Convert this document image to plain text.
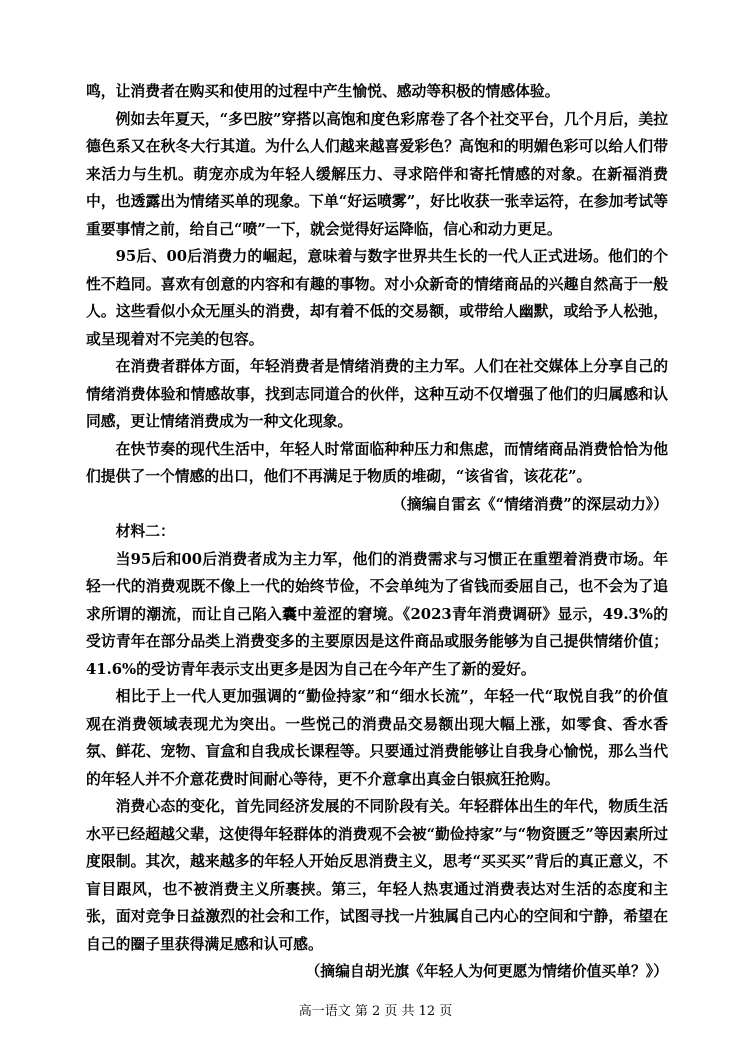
鸣，让消费者在购买和使用的过程中产生愉悦、感动等积极的情感体验。

例如去年夏天，“多巴胺”穿搭以高饱和度色彩席卷了各个社交平台，几个月后，美拉德色系又在秋冬大行其道。为什么人们越来越喜爱彩色？高饱和的明媚色彩可以给人们带来活力与生机。萌宠亦成为年轻人缓解压力、寻求陪伴和寄托情感的对象。在新福消费中，也透露出为情绪买单的现象。下单“好运喷雾”，好比收获一张幸运符，在参加考试等重要事情之前，给自己“喷”一下，就会觉得好运降临，信心和动力更足。

95后、00后消费力的崛起，意味着与数字世界共生长的一代人正式进场。他们的个性不趋同。喜欢有创意的内容和有趣的事物。对小众新奇的情绪商品的兴趣自然高于一般人。这些看似小众无厘头的消费，却有着不低的交易额，或带给人幽默，或给予人松弛，或呈现着对不完美的包容。

在消费者群体方面，年轻消费者是情绪消费的主力军。人们在社交媒体上分享自己的情绪消费体验和情感故事，找到志同道合的伙伴，这种互动不仅增强了他们的归属感和认同感，更让情绪消费成为一种文化现象。

在快节奏的现代生活中，年轻人时常面临种种压力和焦虑，而情绪商品消费恰恰为他们提供了一个情感的出口，他们不再满足于物质的堆砌，“该省省，该花花”。

（摘编自雷玄《“情绪消费”的深层动力》）

材料二：

当95后和00后消费者成为主力军，他们的消费需求与习惯正在重塑着消费市场。年轻一代的消费观既不像上一代的始终节俭，不会单纯为了省钱而委屈自己，也不会为了追求所谓的潮流，而让自己陷入囊中羞涩的窘境。《2023青年消费调研》显示，49.3%的受访青年在部分品类上消费变多的主要原因是这件商品或服务能够为自己提供情绪价值；41.6%的受访青年表示支出更多是因为自己在今年产生了新的爱好。

相比于上一代人更加强调的“勤俭持家”和“细水长流”，年轻一代“取悦自我”的价值观在消费领域表现尤为突出。一些悦己的消费品交易额出现大幅上涨，如零食、香水香氛、鲜花、宠物、盲盒和自我成长课程等。只要通过消费能够让自我身心愉悦，那么当代的年轻人并不介意花费时间耐心等待，更不介意拿出真金白银疯狂抢购。

消费心态的变化，首先同经济发展的不同阶段有关。年轻群体出生的年代，物质生活水平已经超越父辈，这使得年轻群体的消费观不会被“勤俭持家”与“物资匮乏”等因素所过度限制。其次，越来越多的年轻人开始反思消费主义，思考“买买买”背后的真正意义，不盲目跟风，也不被消费主义所裹挟。第三，年轻人热衷通过消费表达对生活的态度和主张，面对竞争日益激烈的社会和工作，试图寻找一片独属自己内心的空间和宁静，希望在自己的圈子里获得满足感和认可感。

（摘编自胡光旗《年轻人为何更愿为情绪价值买单？》）

高一语文 第 2 页 共 12 页
